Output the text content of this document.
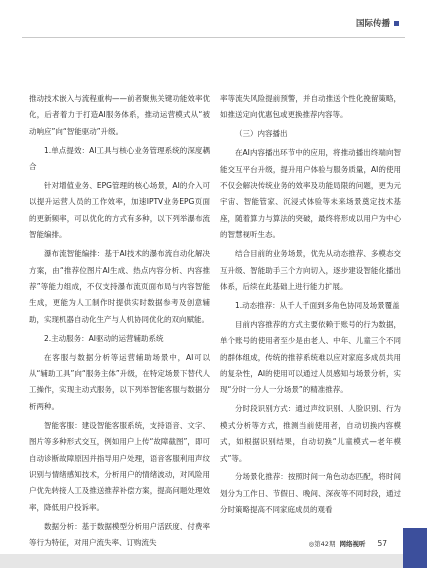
国际传播

推动技术嵌入与流程重构——前者聚焦关键功能效率优化，后者着力于打造AI服务体系，推动运营模式从“被动响应”向“智能驱动”升级。

1.单点提效：AI工具与核心业务管理系统的深度耦合

针对增值业务、EPG管理的核心场景，AI的介入可以提升运营人员的工作效率，加速IPTV业务EPG页面的更新频率，可以优化的方式有多种，以下列举瀑布流智能编排。

瀑布流智能编排：基于AI技术的瀑布流自动化解决方案，由“推荐位图片AI生成、热点内容分析、内容推荐”等能力组成，不仅支持瀑布流页面布局与内容智能生成，更能为人工制作时提供实时数据参考及创意辅助，实现机器自动化生产与人机协同优化的双向赋能。

2.主动服务：AI驱动的运营辅助系统

在客服与数据分析等运营辅助场景中，AI可以从“辅助工具”向“服务主体”升级，在特定场景下替代人工操作，实现主动式服务，以下列举智能客服与数据分析两种。

智能客服：建设智能客服系统，支持语音、文字、图片等多种形式交互，例如用户上传“故障截图”，即可自动诊断故障原因并指导用户处理，语音客服利用声纹识别与情绪感知技术，分析用户的情绪波动，对风险用户优先转接人工及推送推荐补偿方案，提高问题处理效率，降低用户投诉率。

数据分析：基于数据模型分析用户活跃度、付费率等行为特征，对用户流失率、订购流失

率等流失风险提前预警，并自动推送个性化挽留策略，如推送定向优惠包或更换推荐内容等。

（三）内容播出

在AI内容播出环节中的应用，将推动播出终端向智能交互平台升级，提升用户体验与服务质量，AI的使用不仅会解决传统业务的效率及功能局限的问题，更为元宇宙、智能管家、沉浸式体验等未来场景奠定技术基座，随着算力与算法的突破，最终将形成以用户为中心的智慧视听生态。

结合目前的业务场景，优先从动态推荐、多模态交互升级、智能助手三个方向切入，逐步建设智能化播出体系，后续在此基础上进行能力扩展。

1.动态推荐：从千人千面到多角色协同及场景覆盖

目前内容推荐的方式主要依赖于账号的行为数据，单个账号的使用者至少是由老人、中年、儿童三个不同的群体组成，传统的推荐系统难以应对家庭多成员共用的复杂性，AI的使用可以通过人员感知与场景分析，实现“分时一分人一分场景”的精准推荐。

分时段识别方式：通过声纹识别、人脸识别、行为模式分析等方式，推测当前使用者，自动切换内容模式，如根据识别结果，自动切换“儿童模式—老年模式”等。

分场景化推荐：按照时间一角色动态匹配，将时间划分为工作日、节假日、晚间、深夜等不同时段，通过分时策略提高不同家庭成员的观看

◎第42期 网络视听 57
